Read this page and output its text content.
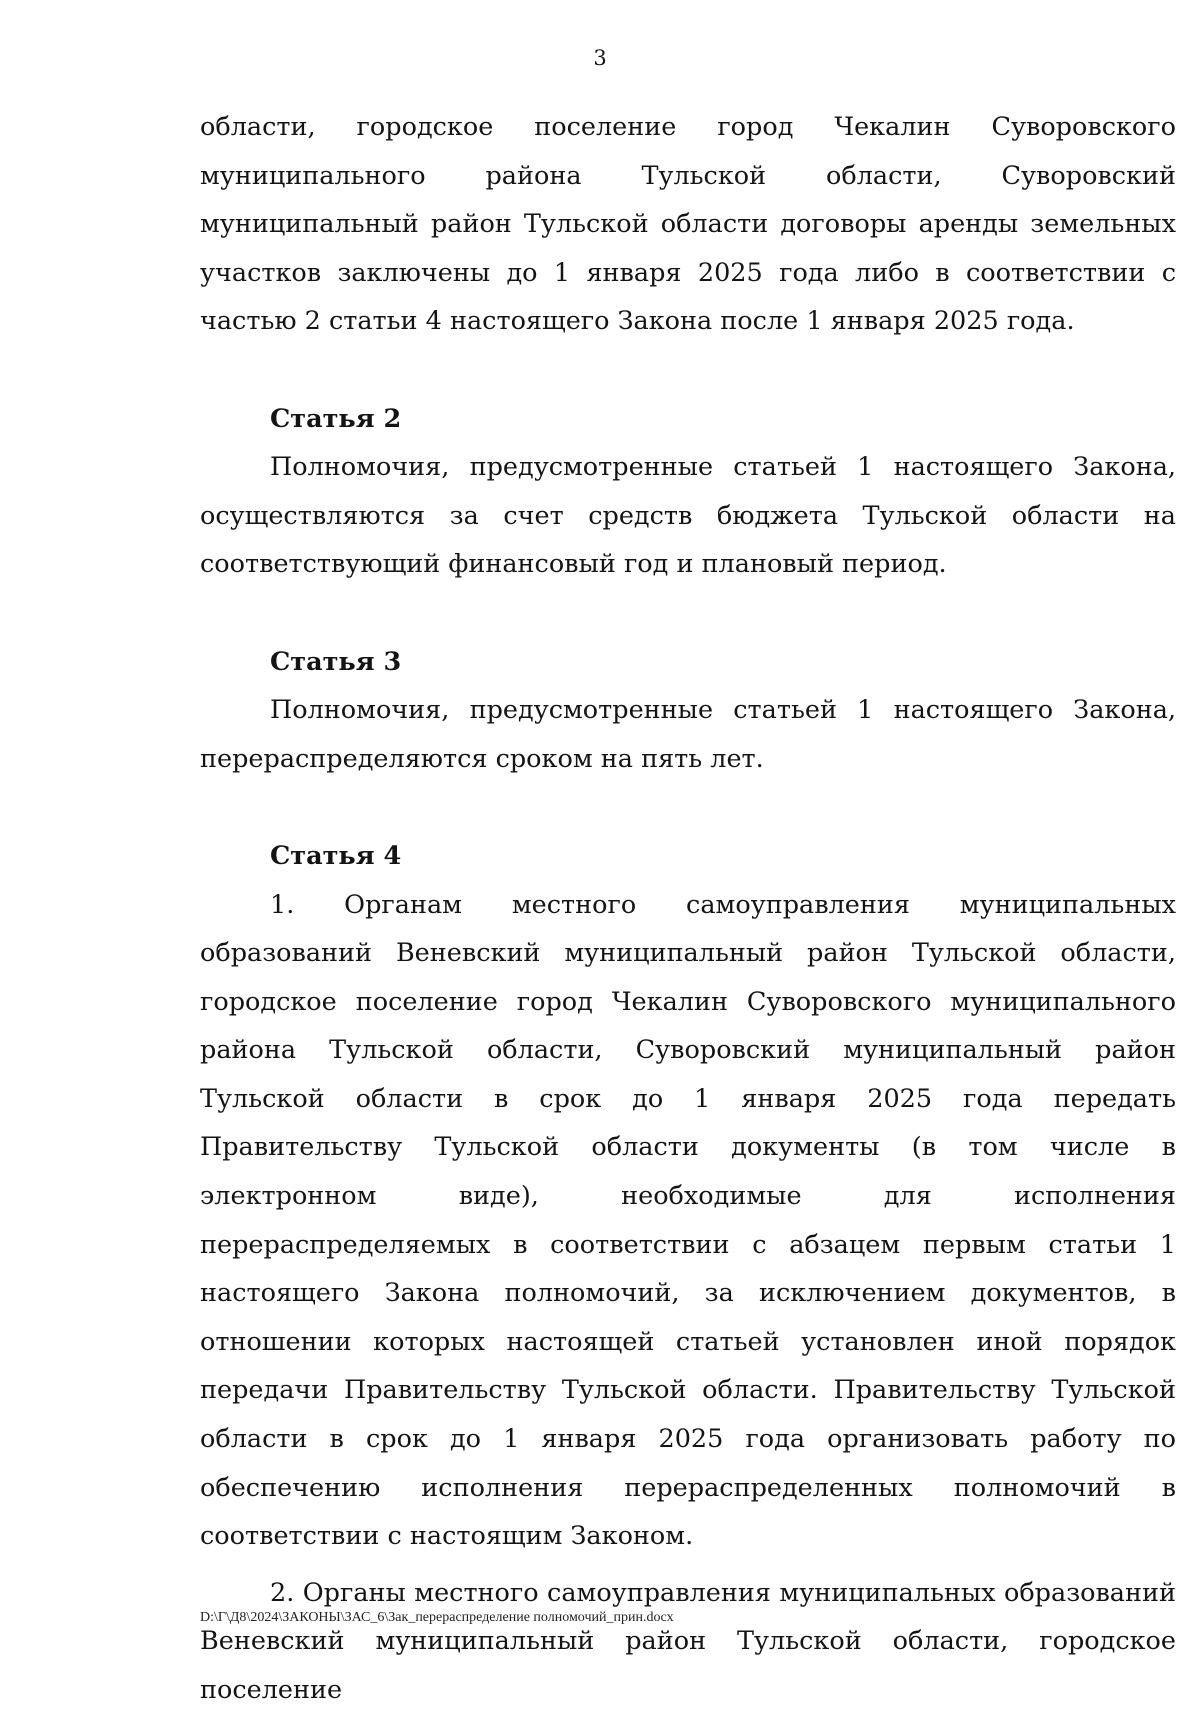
3

области, городское поселение город Чекалин Суворовского муниципального района Тульской области, Суворовский муниципальный район Тульской области договоры аренды земельных участков заключены до 1 января 2025 года либо в соответствии с частью 2 статьи 4 настоящего Закона после 1 января 2025 года.

Статья 2

Полномочия, предусмотренные статьей 1 настоящего Закона, осуществляются за счет средств бюджета Тульской области на соответствующий финансовый год и плановый период.

Статья 3

Полномочия, предусмотренные статьей 1 настоящего Закона, перераспределяются сроком на пять лет.

Статья 4

1. Органам местного самоуправления муниципальных образований Веневский муниципальный район Тульской области, городское поселение город Чекалин Суворовского муниципального района Тульской области, Суворовский муниципальный район Тульской области в срок до 1 января 2025 года передать Правительству Тульской области документы (в том числе в электронном виде), необходимые для исполнения перераспределяемых в соответствии с абзацем первым статьи 1 настоящего Закона полномочий, за исключением документов, в отношении которых настоящей статьей установлен иной порядок передачи Правительству Тульской области. Правительству Тульской области в срок до 1 января 2025 года организовать работу по обеспечению исполнения перераспределенных полномочий в соответствии с настоящим Законом.

2. Органы местного самоуправления муниципальных образований Веневский муниципальный район Тульской области, городское поселение

D:\Г\Д8\2024\ЗАКОНЫ\ЗАС_6\Зак_перераспределение полномочий_прин.docx
